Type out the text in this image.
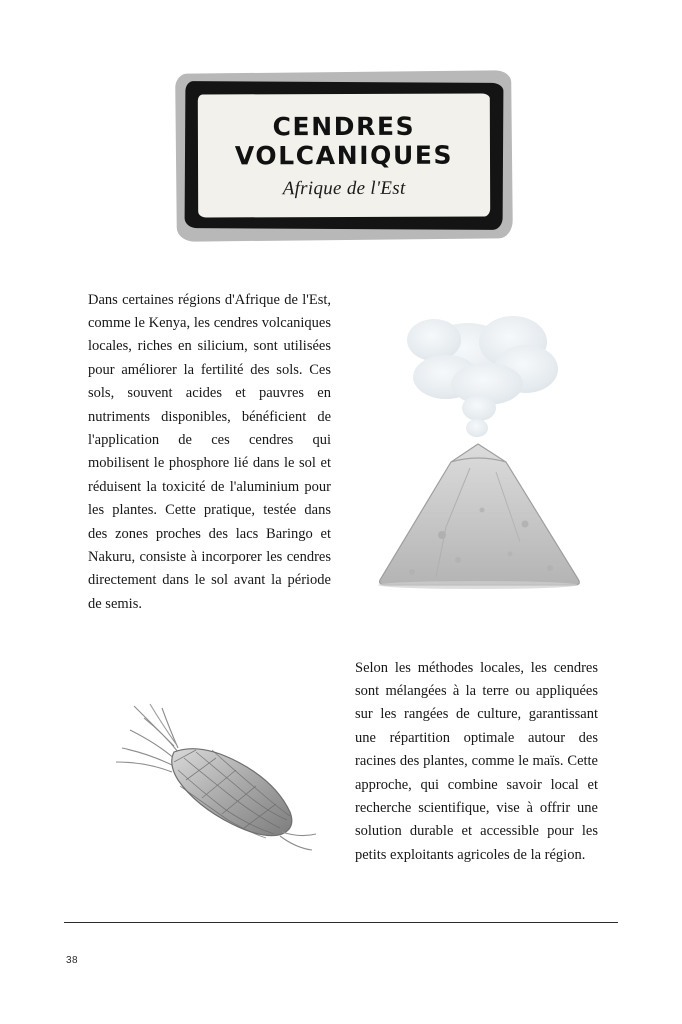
CENDRES
VOLCANIQUES
Afrique de l'Est

Dans certaines régions d'Afrique de l'Est, comme le Kenya, les cendres volcaniques locales, riches en silicium, sont utilisées pour améliorer la fertilité des sols. Ces sols, souvent acides et pauvres en nutriments disponibles, bénéficient de l'application de ces cendres qui mobilisent le phosphore lié dans le sol et réduisent la toxicité de l'aluminium pour les plantes. Cette pratique, testée dans des zones proches des lacs Baringo et Nakuru, consiste à incorporer les cendres directement dans le sol avant la période de semis.

Selon les méthodes locales, les cendres sont mélangées à la terre ou appliquées sur les rangées de culture, garantissant une répartition optimale autour des racines des plantes, comme le maïs. Cette approche, qui combine savoir local et recherche scientifique, vise à offrir une solution durable et accessible pour les petits exploitants agricoles de la région.

38
